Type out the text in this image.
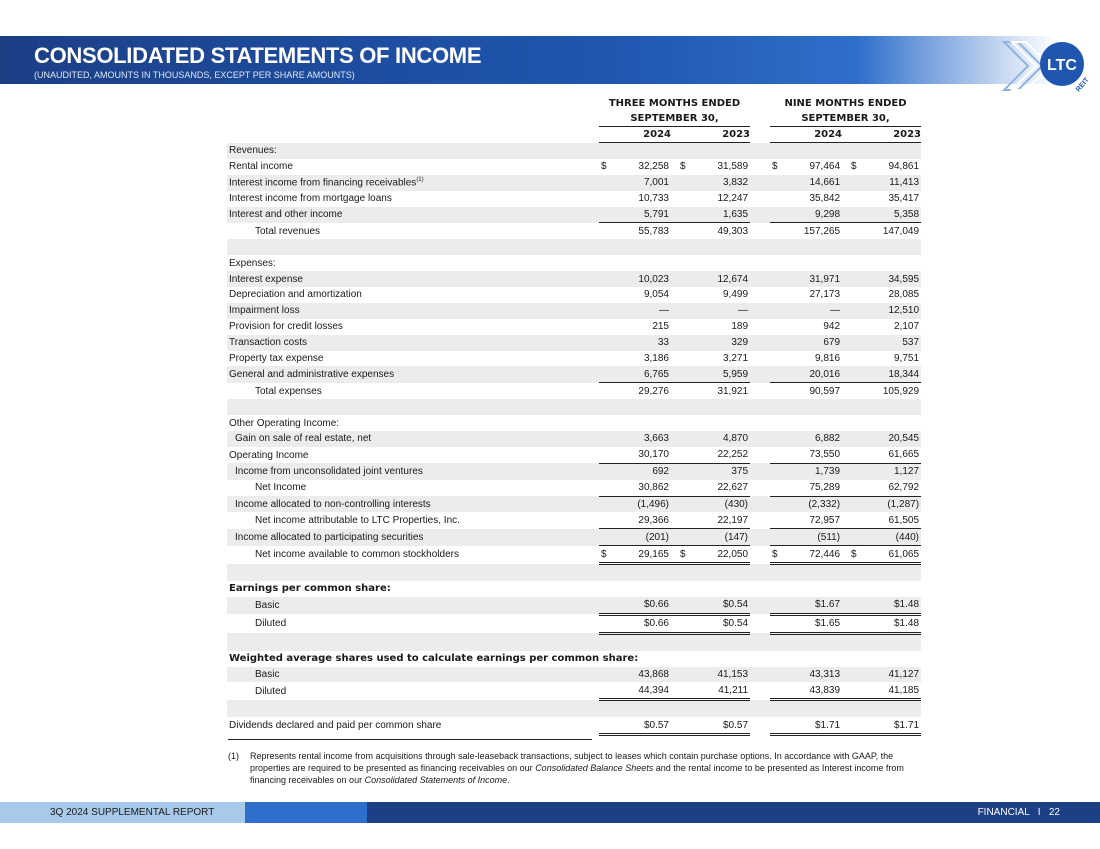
CONSOLIDATED STATEMENTS OF INCOME
(UNAUDITED, AMOUNTS IN THOUSANDS, EXCEPT PER SHARE AMOUNTS)
LTC
REIT
	THREE MONTHS ENDED				NINE MONTHS ENDED		
	SEPTEMBER 30,				SEPTEMBER 30,		
	2024		2023		2024		2023
Revenues:							
Rental income	$ 32,258		$ 31,589		$ 97,464		$ 94,861
Interest income from financing receivables$^{(1)}$	7,001		3,832		14,661		11,413
Interest income from mortgage loans	10,733		12,247		35,842		35,417
Interest and other income	5,791		1,635		9,298		5,358
Total revenues	55,783		49,303		157,265		147,049

Expenses:							
Interest expense	10,023		12,674		31,971		34,595
Depreciation and amortization	9,054		9,499		27,173		28,085
Impairment loss	—		—		—		12,510
Provision for credit losses	215		189		942		2,107
Transaction costs	33		329		679		537
Property tax expense	3,186		3,271		9,816		9,751
General and administrative expenses	6,765		5,959		20,016		18,344
Total expenses	29,276		31,921		90,597		105,929

Other Operating Income:							
Gain on sale of real estate, net	3,663		4,870		6,882		20,545
Operating Income	30,170		22,252		73,550		61,665
Income from unconsolidated joint ventures	692		375		1,739		1,127
Net Income	30,862		22,627		75,289		62,792
Income allocated to non-controlling interests	(1,496)		(430)		(2,332)		(1,287)
Net income attributable to LTC Properties, Inc.	29,366		22,197		72,957		61,505
Income allocated to participating securities	(201)		(147)		(511)		(440)
Net income available to common stockholders	$ 29,165		$ 22,050		$ 72,446		$ 61,065

Earnings per common share:							
Basic	$0.66		$0.54		$1.67		$1.48
Diluted	$0.66		$0.54		$1.65		$1.48

Weighted average shares used to calculate earnings per common share:							
Basic	43,868		41,153		43,313		41,127
Diluted	44,394		41,211		43,839		41,185

Dividends declared and paid per common share	$0.57		$0.57		$1.71		$1.71
(1) Represents rental income from acquisitions through sale-leaseback transactions, subject to leases which contain purchase options. In accordance with GAAP, the properties are required to be presented as financing receivables on our Consolidated Balance Sheets and the rental income to be presented as Interest income from financing receivables on our Consolidated Statements of Income.
3Q 2024 SUPPLEMENTAL REPORT	FINANCIAL   I   22
